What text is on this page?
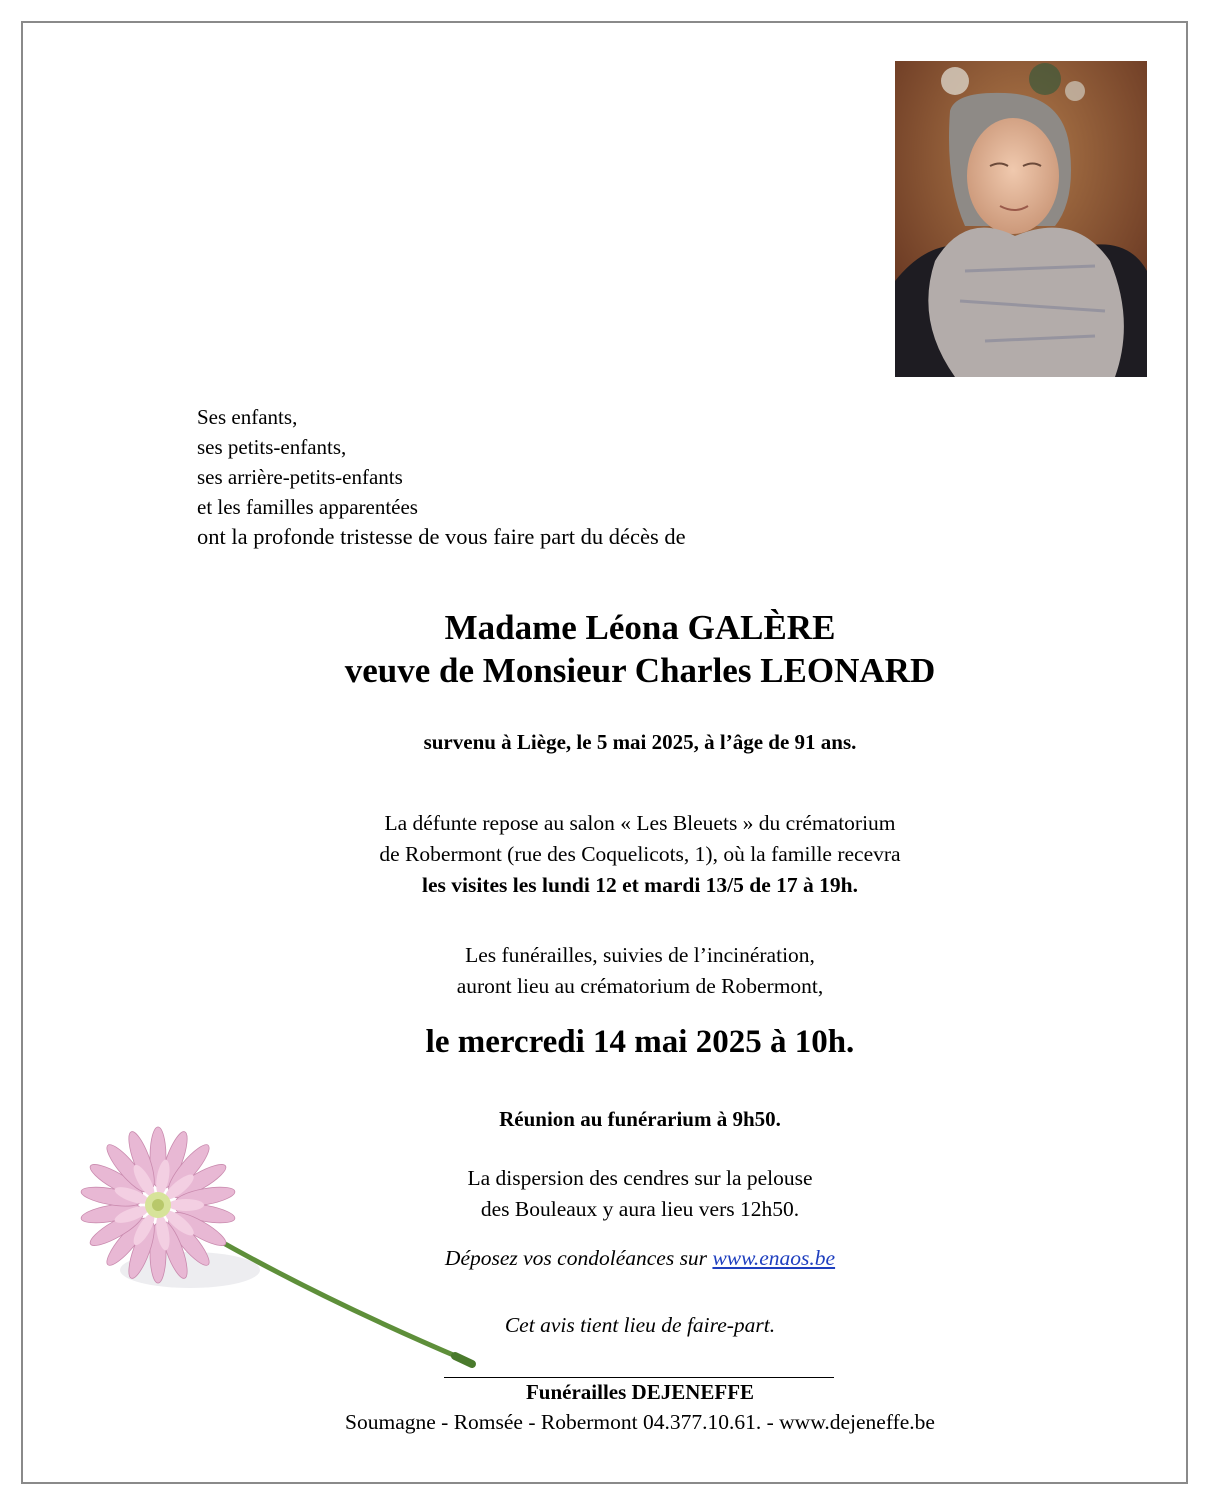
Ses enfants,
ses petits-enfants,
ses arrière-petits-enfants
et les familles apparentées
ont la profonde tristesse de vous faire part du décès de
Madame Léona GALÈRE
veuve de Monsieur Charles LEONARD
survenu à Liège, le 5 mai 2025, à l’âge de 91 ans.
La défunte repose au salon « Les Bleuets » du crématorium
de Robermont (rue des Coquelicots, 1), où la famille recevra
les visites les lundi 12 et mardi 13/5 de 17 à 19h.
Les funérailles, suivies de l’incinération,
auront lieu au crématorium de Robermont,
le mercredi 14 mai 2025 à 10h.
Réunion au funérarium à 9h50.
La dispersion des cendres sur la pelouse
des Bouleaux y aura lieu vers 12h50.
Déposez vos condoléances sur www.enaos.be
Cet avis tient lieu de faire-part.
Funérailles DEJENEFFE
Soumagne - Romsée - Robermont 04.377.10.61. - www.dejeneffe.be
